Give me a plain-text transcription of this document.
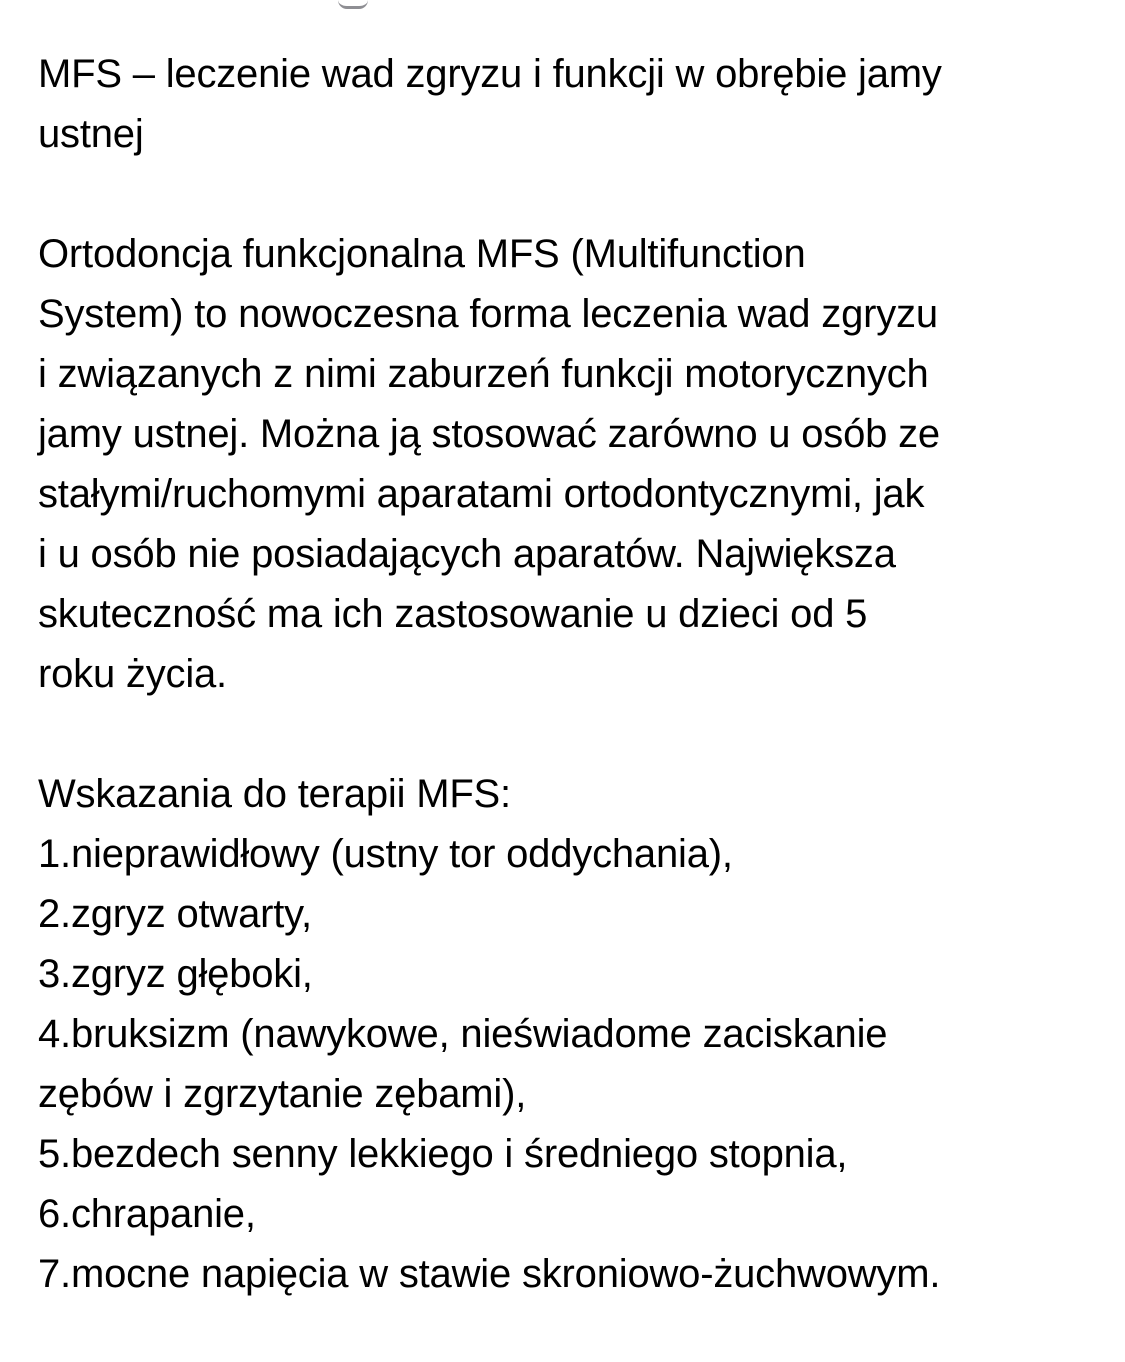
MFS – leczenie wad zgryzu i funkcji w obrębie jamy
ustnej

Ortodoncja funkcjonalna MFS (Multifunction
System) to nowoczesna forma leczenia wad zgryzu
i związanych z nimi zaburzeń funkcji motorycznych
jamy ustnej. Można ją stosować zarówno u osób ze
stałymi/ruchomymi aparatami ortodontycznymi, jak
i u osób nie posiadających aparatów. Największa
skuteczność ma ich zastosowanie u dzieci od 5
roku życia.

Wskazania do terapii MFS:
1.nieprawidłowy (ustny tor oddychania),
2.zgryz otwarty,
3.zgryz głęboki,
4.bruksizm (nawykowe, nieświadome zaciskanie
zębów i zgrzytanie zębami),
5.bezdech senny lekkiego i średniego stopnia,
6.chrapanie,
7.mocne napięcia w stawie skroniowo-żuchwowym.
